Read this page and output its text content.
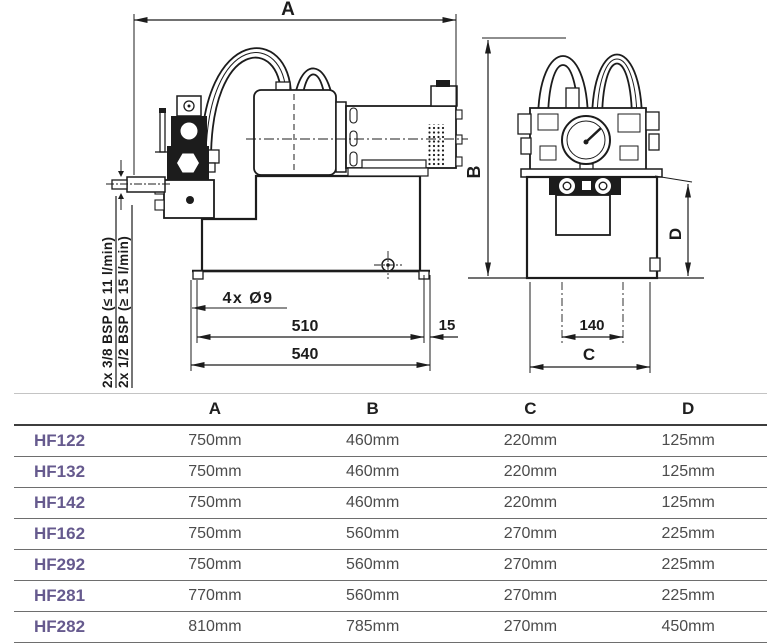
2x 3/8 BSP (≤ 11 l/min) 2x 1/2 BSP (≥ 15 l/min)
A
B
510
540
15
4x Ø9
140
C
D
A	B	C	D
HF122	750mm	460mm	220mm	125mm
HF132	750mm	460mm	220mm	125mm
HF142	750mm	460mm	220mm	125mm
HF162	750mm	560mm	270mm	225mm
HF292	750mm	560mm	270mm	225mm
HF281	770mm	560mm	270mm	225mm
HF282	810mm	785mm	270mm	450mm
